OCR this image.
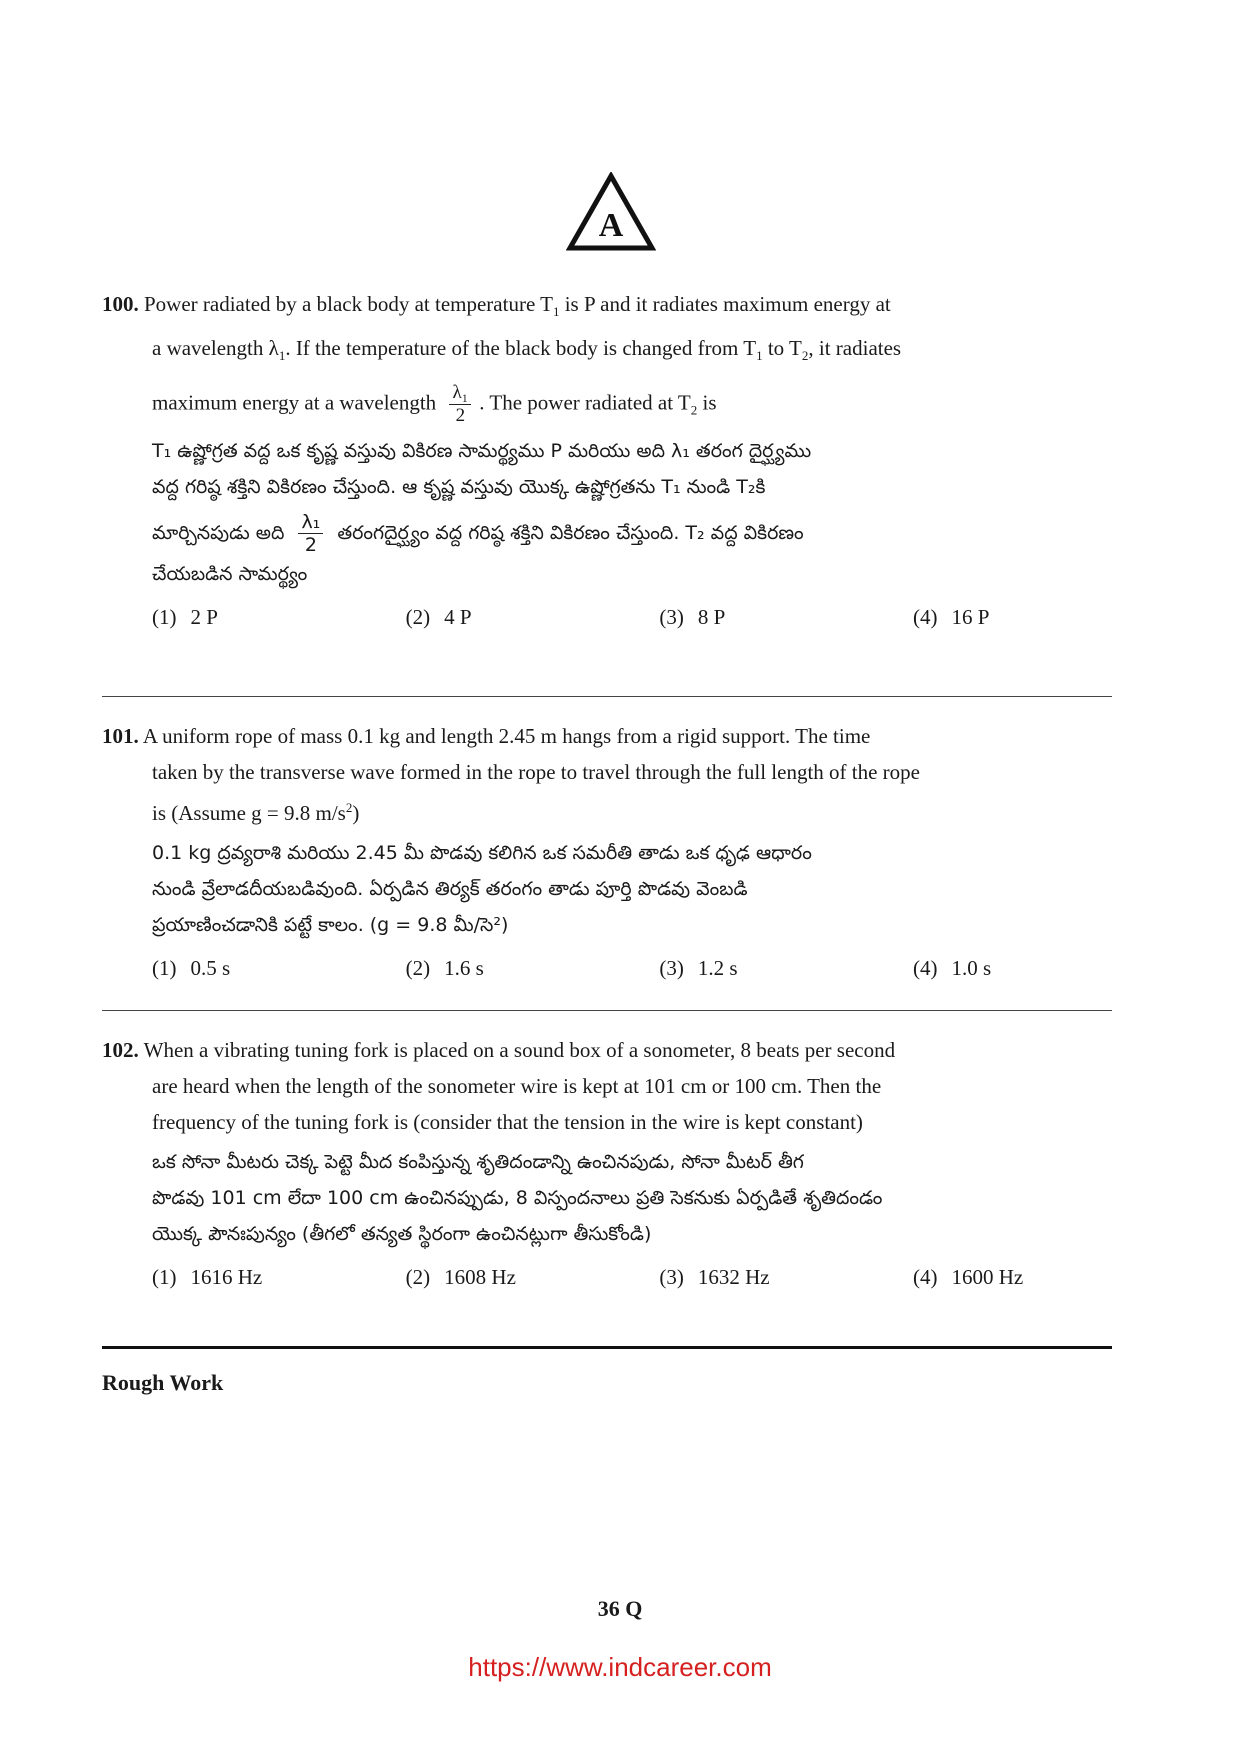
A
100. Power radiated by a black body at temperature $T_1$ is P and it radiates maximum energy at
a wavelength $\lambda_1$. If the temperature of the black body is changed from $T_1$ to $T_2$, it radiates
maximum energy at a wavelength $\frac{\text{λ₁}}{2}$ . The power radiated at $T_2$ is
T₁ ఉష్ణోగ్రత వద్ద ఒక కృష్ణ వస్తువు వికిరణ సామర్థ్యము P మరియు అది λ₁ తరంగ దైర్ఘ్యము
వద్ద గరిష్ఠ శక్తిని వికిరణం చేస్తుంది. ఆ కృష్ణ వస్తువు యొక్క ఉష్ణోగ్రతను T₁ నుండి T₂కి
మార్చినపుడు అది $\frac{\text{λ₁}}{2}$ తరంగదైర్ఘ్యం వద్ద గరిష్ఠ శక్తిని వికిరణం చేస్తుంది. T₂ వద్ద వికిరణం
చేయబడిన సామర్థ్యం
(1) 2 P	(2) 4 P	(3) 8 P	(4) 16 P
101. A uniform rope of mass 0.1 kg and length 2.45 m hangs from a rigid support. The time
taken by the transverse wave formed in the rope to travel through the full length of the rope
is (Assume g = 9.8 $m/s^2$)
0.1 kg ద్రవ్యరాశి మరియు 2.45 మీ పొడవు కలిగిన ఒక సమరీతి తాడు ఒక ధృఢ ఆధారం
నుండి వ్రేలాడదీయబడివుంది. ఏర్పడిన తిర్యక్ తరంగం తాడు పూర్తి పొడవు వెంబడి
ప్రయాణించడానికి పట్టే కాలం. (g = 9.8 మీ/సె²)
(1) 0.5 s	(2) 1.6 s	(3) 1.2 s	(4) 1.0 s
102. When a vibrating tuning fork is placed on a sound box of a sonometer, 8 beats per second
are heard when the length of the sonometer wire is kept at 101 cm or 100 cm. Then the
frequency of the tuning fork is (consider that the tension in the wire is kept constant)
ఒక సోనా మీటరు చెక్క పెట్టె మీద కంపిస్తున్న శృతిదండాన్ని ఉంచినపుడు, సోనా మీటర్ తీగ
పొడవు 101 cm లేదా 100 cm ఉంచినప్పుడు, 8 విస్పందనాలు ప్రతి సెకనుకు ఏర్పడితే శృతిదండం
యొక్క పౌనఃపున్యం (తీగలో తన్యత స్థిరంగా ఉంచినట్లుగా తీసుకోండి)
(1) 1616 Hz	(2) 1608 Hz	(3) 1632 Hz	(4) 1600 Hz
Rough Work
36 Q
https://www.indcareer.com
